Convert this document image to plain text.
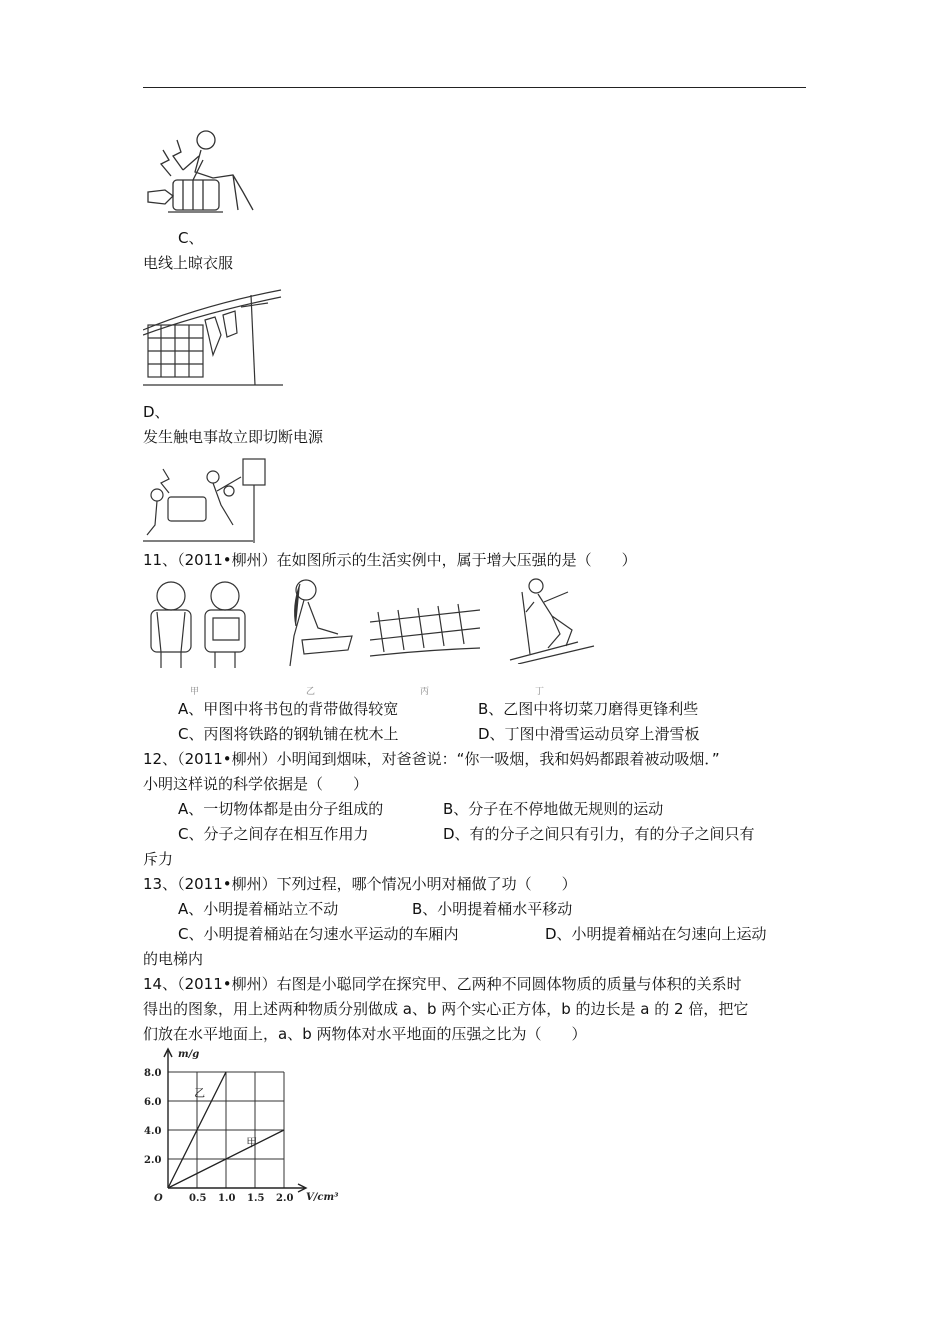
C、
电线上晾衣服
D、
发生触电事故立即切断电源
11、（2011•柳州）在如图所示的生活实例中，属于增大压强的是（　　）
甲	乙	丙	丁
A、甲图中将书包的背带做得较宽	B、乙图中将切菜刀磨得更锋利些
C、丙图将铁路的钢轨铺在枕木上	D、丁图中滑雪运动员穿上滑雪板
12、（2011•柳州）小明闻到烟味，对爸爸说：“你一吸烟，我和妈妈都跟着被动吸烟．”
小明这样说的科学依据是（　　）
A、一切物体都是由分子组成的	B、分子在不停地做无规则的运动
C、分子之间存在相互作用力	D、有的分子之间只有引力，有的分子之间只有
斥力
13、（2011•柳州）下列过程，哪个情况小明对桶做了功（　　）
A、小明提着桶站立不动	B、小明提着桶水平移动
C、小明提着桶站在匀速水平运动的车厢内	D、小明提着桶站在匀速向上运动
的电梯内
14、（2011•柳州）右图是小聪同学在探究甲、乙两种不同圆体物质的质量与体积的关系时
得出的图象，用上述两种物质分别做成 a、b 两个实心正方体，b 的边长是 a 的 2 倍，把它
们放在水平地面上，a、b 两物体对水平地面的压强之比为（　　）
m/g
V/cm³
O	0.5 1.0 1.5 2.0
2.0
4.0
6.0
8.0
乙
甲
